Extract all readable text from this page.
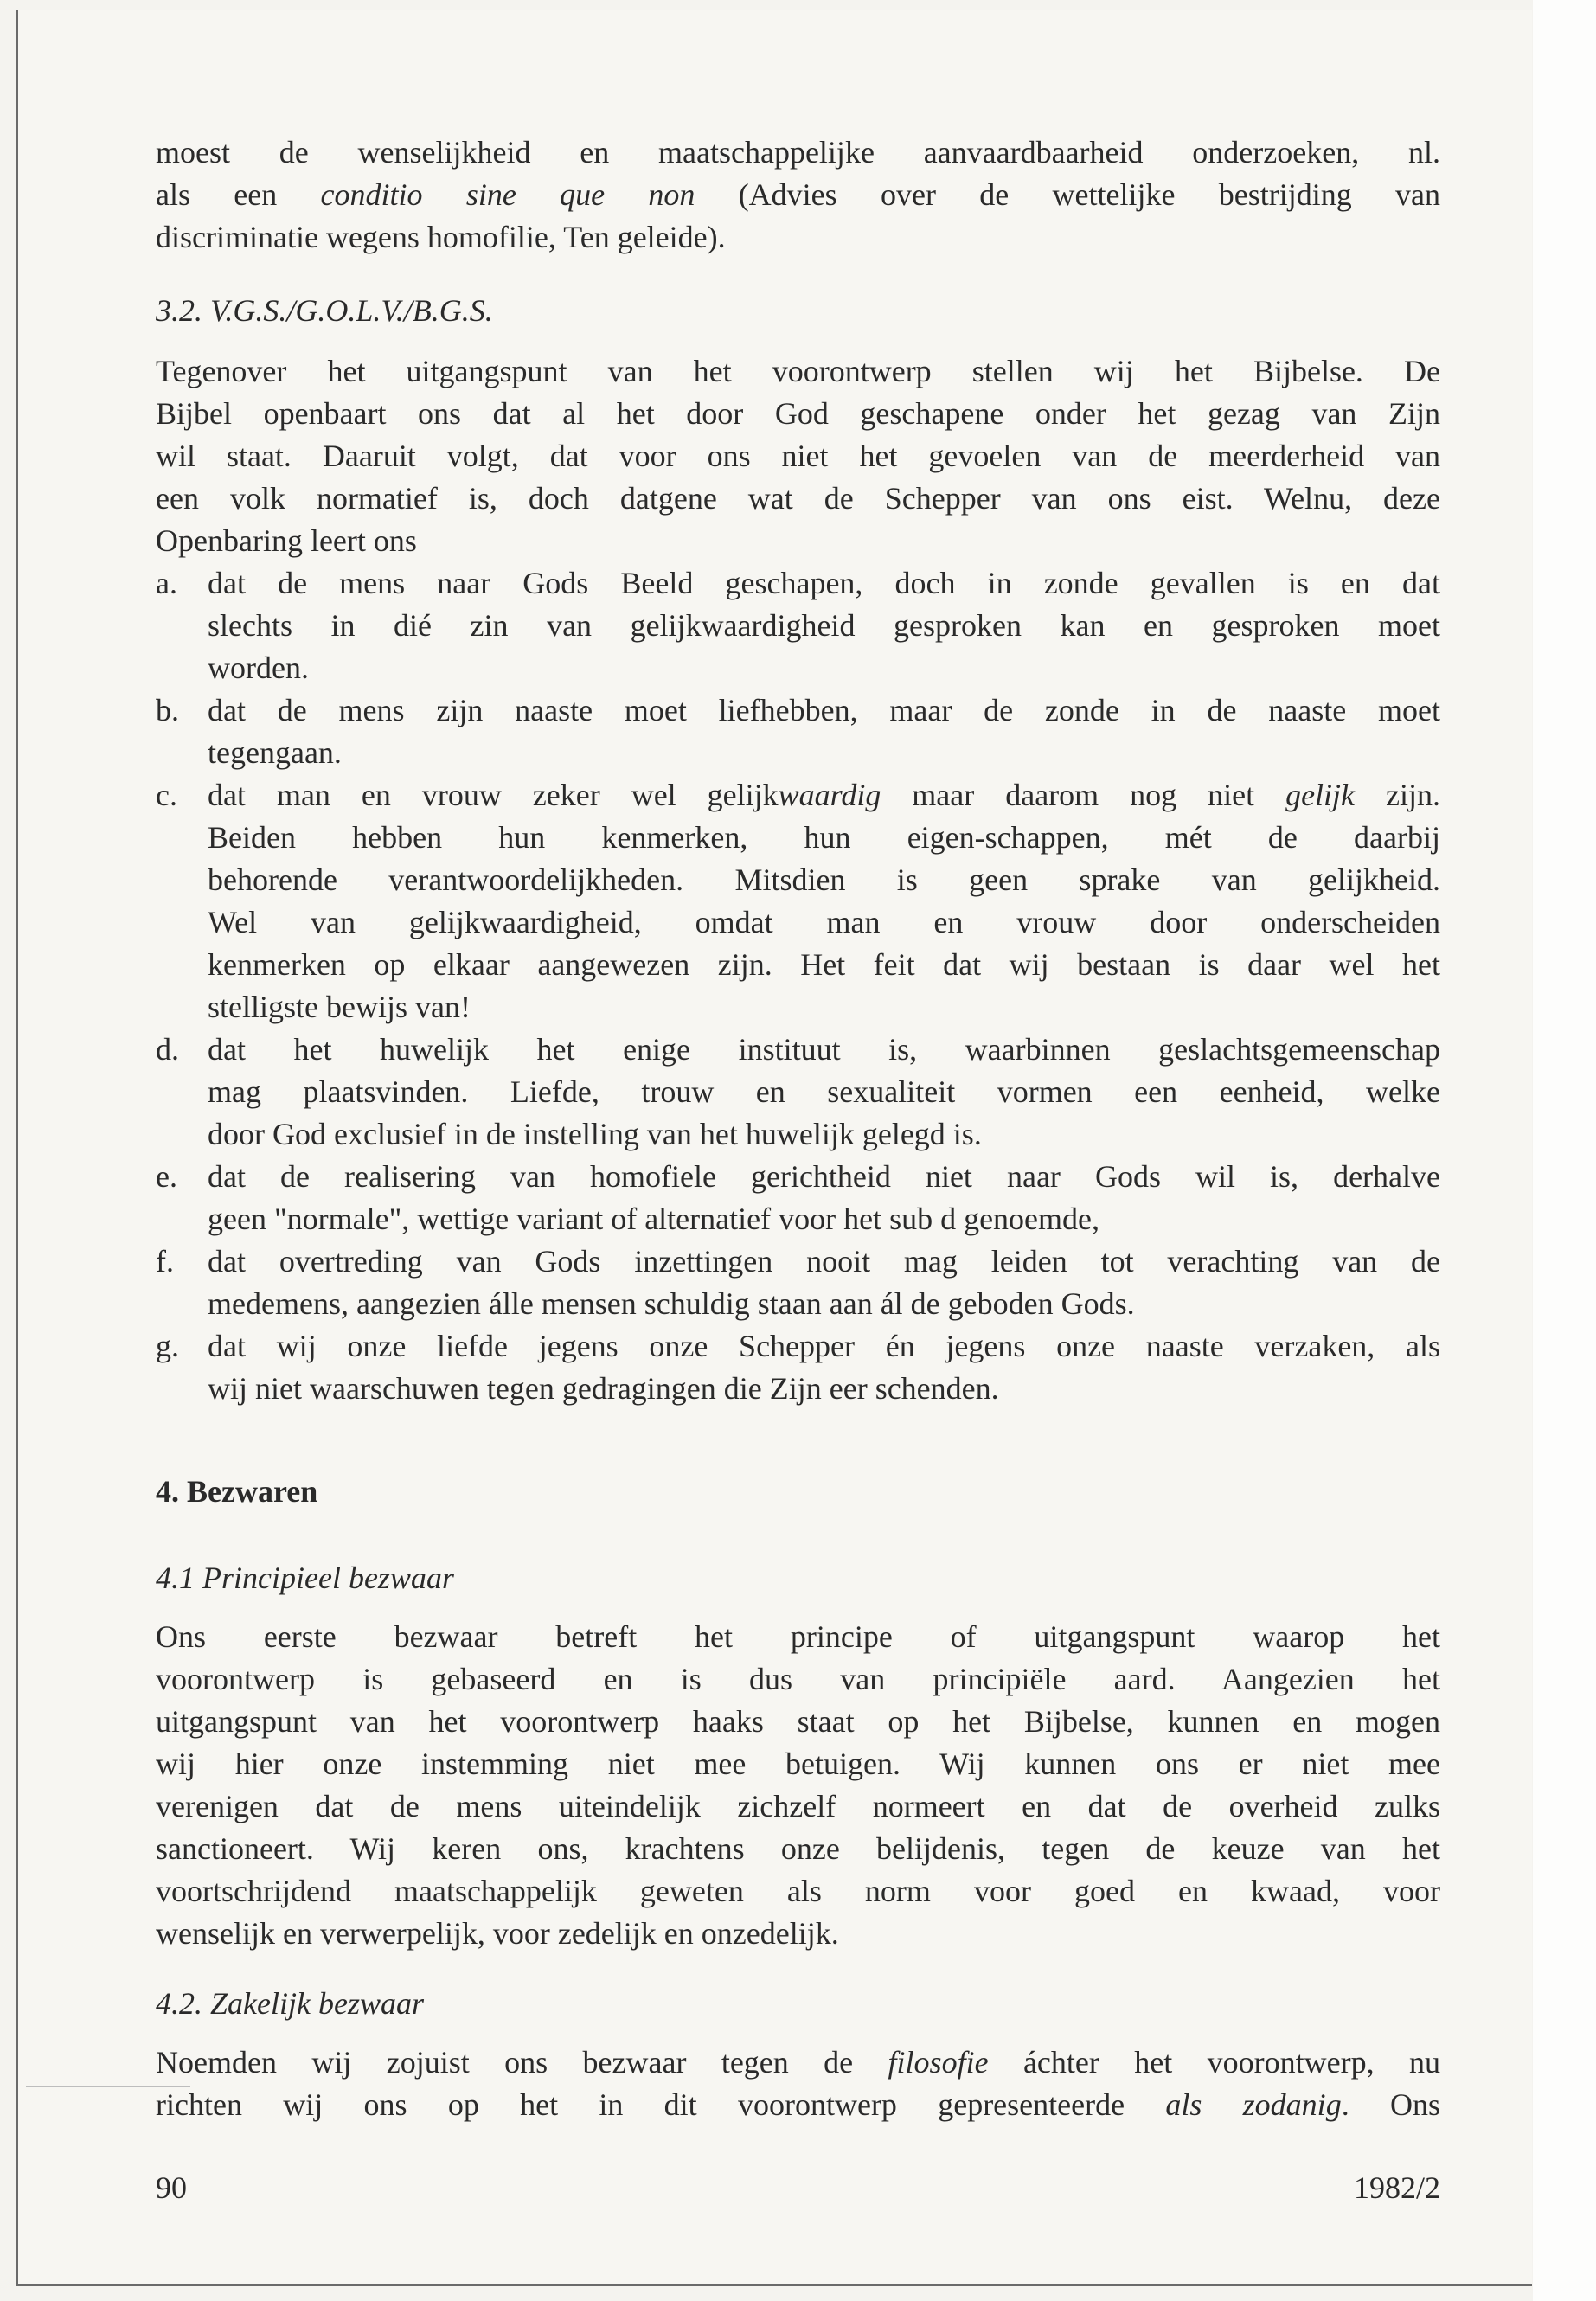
moest de wenselijkheid en maatschappelijke aanvaardbaarheid onderzoeken, nl.
als een conditio sine que non (Advies over de wettelijke bestrijding van
discriminatie wegens homofilie, Ten geleide).
3.2. V.G.S./G.O.L.V./B.G.S.
Tegenover het uitgangspunt van het voorontwerp stellen wij het Bijbelse. De
Bijbel openbaart ons dat al het door God geschapene onder het gezag van Zijn
wil staat. Daaruit volgt, dat voor ons niet het gevoelen van de meerderheid van
een volk normatief is, doch datgene wat de Schepper van ons eist. Welnu, deze
Openbaring leert ons
a. dat de mens naar Gods Beeld geschapen, doch in zonde gevallen is en dat
slechts in dié zin van gelijkwaardigheid gesproken kan en gesproken moet
worden.
b. dat de mens zijn naaste moet liefhebben, maar de zonde in de naaste moet
tegengaan.
c. dat man en vrouw zeker wel gelijkwaardig maar daarom nog niet gelijk zijn.
Beiden hebben hun kenmerken, hun eigen-schappen, mét de daarbij
behorende verantwoordelijkheden. Mitsdien is geen sprake van gelijkheid.
Wel van gelijkwaardigheid, omdat man en vrouw door onderscheiden
kenmerken op elkaar aangewezen zijn. Het feit dat wij bestaan is daar wel het
stelligste bewijs van!
d. dat het huwelijk het enige instituut is, waarbinnen geslachtsgemeenschap
mag plaatsvinden. Liefde, trouw en sexualiteit vormen een eenheid, welke
door God exclusief in de instelling van het huwelijk gelegd is.
e. dat de realisering van homofiele gerichtheid niet naar Gods wil is, derhalve
geen "normale", wettige variant of alternatief voor het sub d genoemde,
f. dat overtreding van Gods inzettingen nooit mag leiden tot verachting van de
medemens, aangezien álle mensen schuldig staan aan ál de geboden Gods.
g. dat wij onze liefde jegens onze Schepper én jegens onze naaste verzaken, als
wij niet waarschuwen tegen gedragingen die Zijn eer schenden.
4. Bezwaren
4.1 Principieel bezwaar
Ons eerste bezwaar betreft het principe of uitgangspunt waarop het
voorontwerp is gebaseerd en is dus van principiële aard. Aangezien het
uitgangspunt van het voorontwerp haaks staat op het Bijbelse, kunnen en mogen
wij hier onze instemming niet mee betuigen. Wij kunnen ons er niet mee
verenigen dat de mens uiteindelijk zichzelf normeert en dat de overheid zulks
sanctioneert. Wij keren ons, krachtens onze belijdenis, tegen de keuze van het
voortschrijdend maatschappelijk geweten als norm voor goed en kwaad, voor
wenselijk en verwerpelijk, voor zedelijk en onzedelijk.
4.2. Zakelijk bezwaar
Noemden wij zojuist ons bezwaar tegen de filosofie áchter het voorontwerp, nu
richten wij ons op het in dit voorontwerp gepresenteerde als zodanig. Ons
90	1982/2
